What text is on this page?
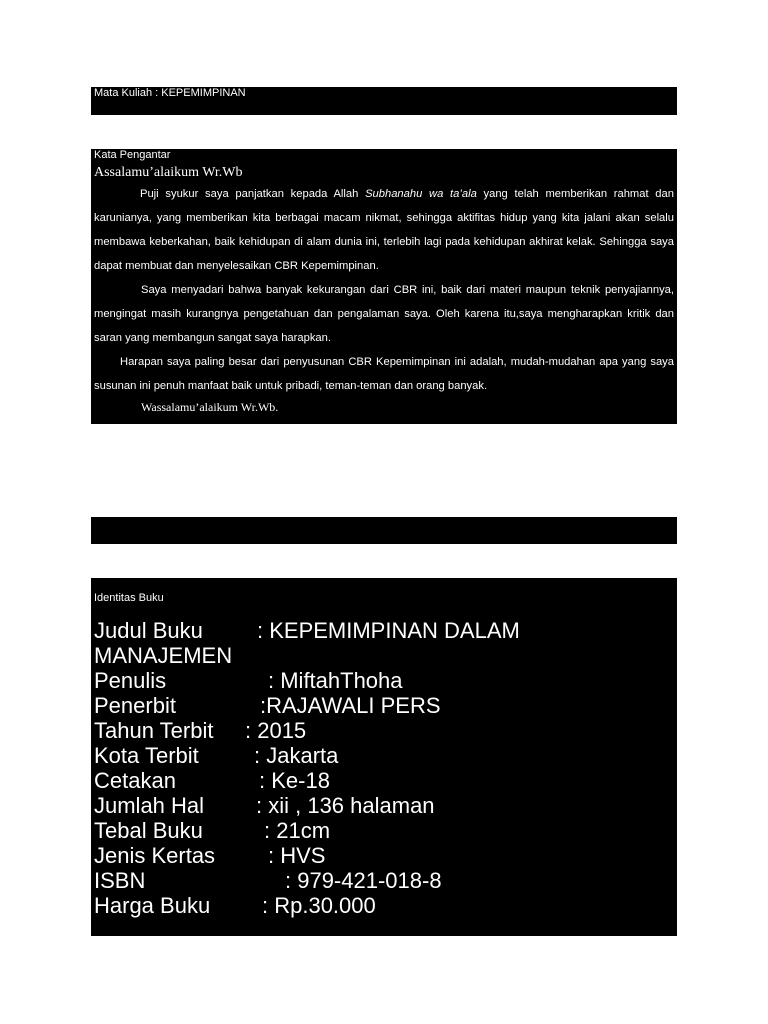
Mata Kuliah : KEPEMIMPINAN

Kata Pengantar

Assalamu’alaikum Wr.Wb

Puji syukur saya panjatkan kepada Allah Subhanahu wa ta’ala yang telah memberikan rahmat dan karunianya, yang memberikan kita berbagai macam nikmat, sehingga aktifitas hidup yang kita jalani akan selalu membawa keberkahan, baik kehidupan di alam dunia ini, terlebih lagi pada kehidupan akhirat kelak. Sehingga saya dapat membuat dan menyelesaikan CBR Kepemimpinan.

Saya menyadari bahwa banyak kekurangan dari CBR ini, baik dari materi maupun teknik penyajiannya, mengingat masih kurangnya pengetahuan dan pengalaman saya. Oleh karena itu,saya mengharapkan kritik dan saran yang membangun sangat saya harapkan.

Harapan saya paling besar dari penyusunan CBR Kepemimpinan ini adalah, mudah-mudahan apa yang saya susunan ini penuh manfaat baik untuk pribadi, teman-teman dan orang banyak.

Wassalamu’alaikum Wr.Wb.

Identitas Buku

Judul Buku : KEPEMIMPINAN DALAM
MANAJEMEN
Penulis	: MiftahThoha
Penerbit	:RAJAWALI PERS
Tahun Terbit : 2015
Kota Terbit	: Jakarta
Cetakan	: Ke-18
Jumlah Hal : xii , 136 halaman
Tebal Buku	: 21cm
Jenis Kertas : HVS
ISBN	: 979-421-018-8
Harga Buku : Rp.30.000
